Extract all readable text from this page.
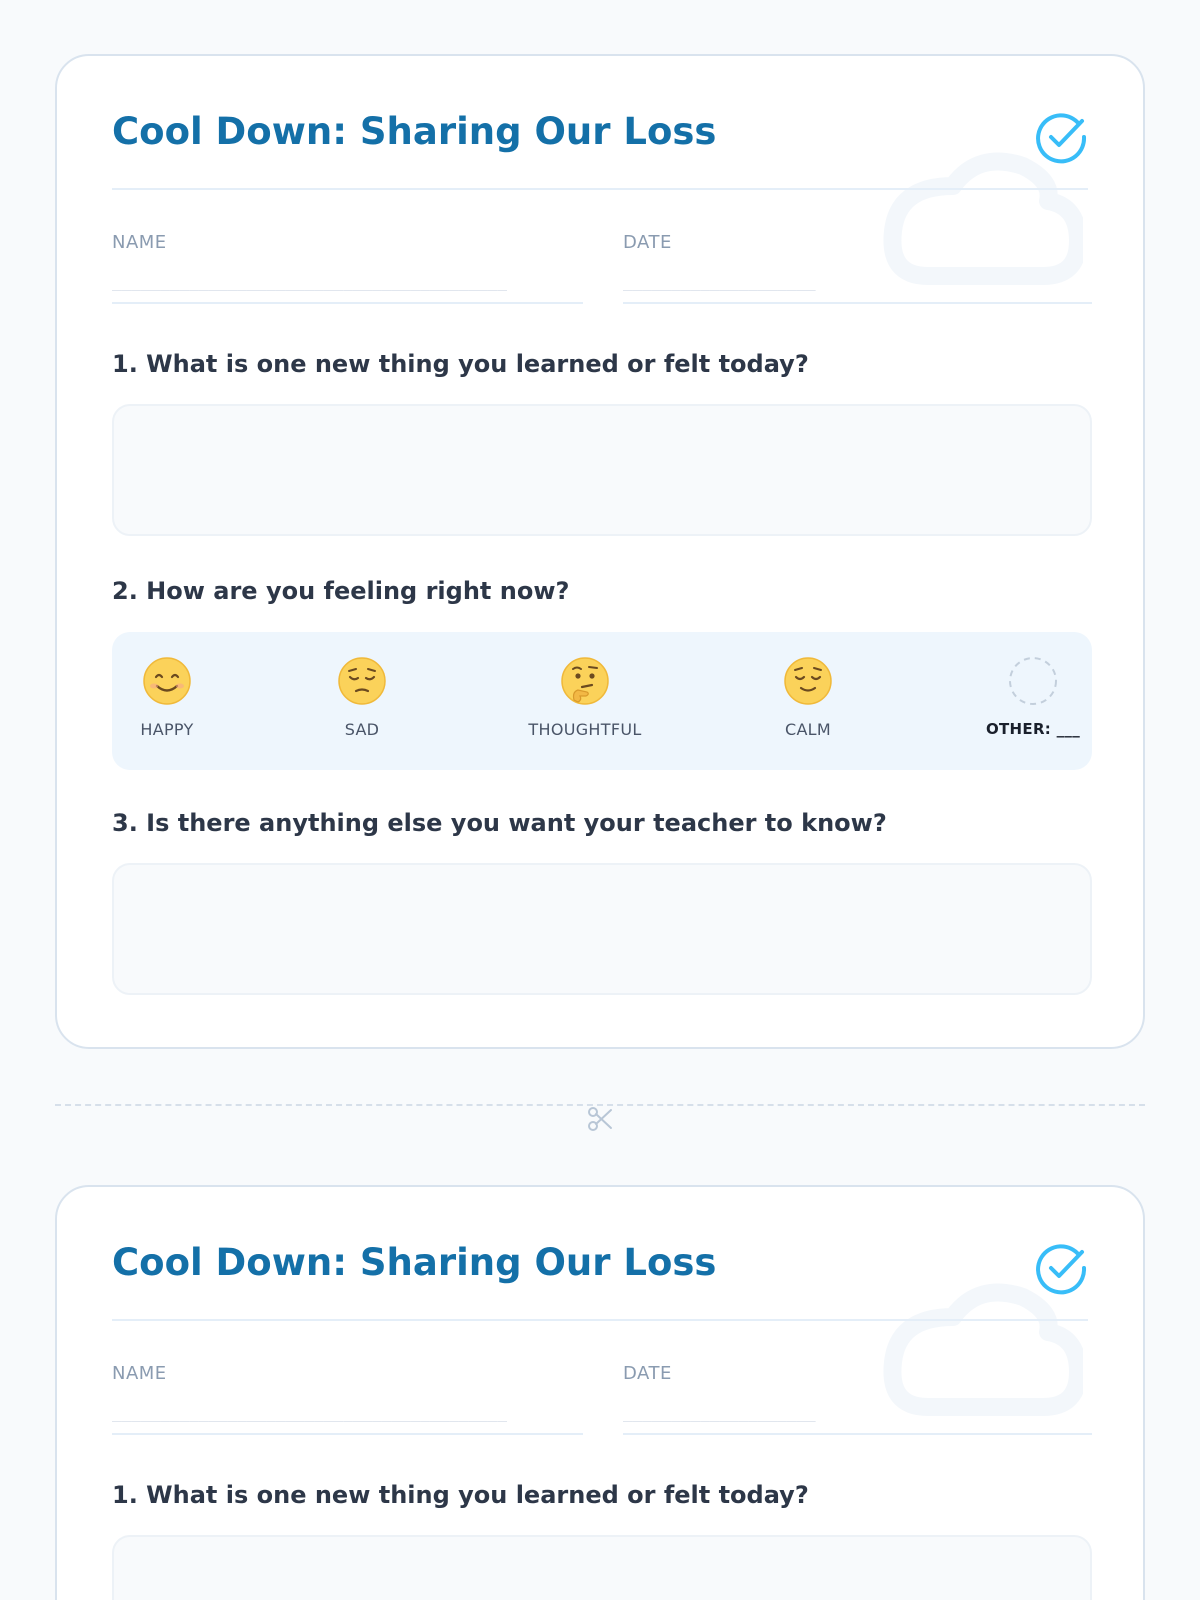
Cool Down: Sharing Our Loss
NAME
_________________________________________
DATE
____________________
1. What is one new thing you learned or felt today?
2. How are you feeling right now?
HAPPY	SAD	THOUGHTFUL	CALM	OTHER: ___
3. Is there anything else you want your teacher to know?
Cool Down: Sharing Our Loss
NAME
_________________________________________
DATE
____________________
1. What is one new thing you learned or felt today?
